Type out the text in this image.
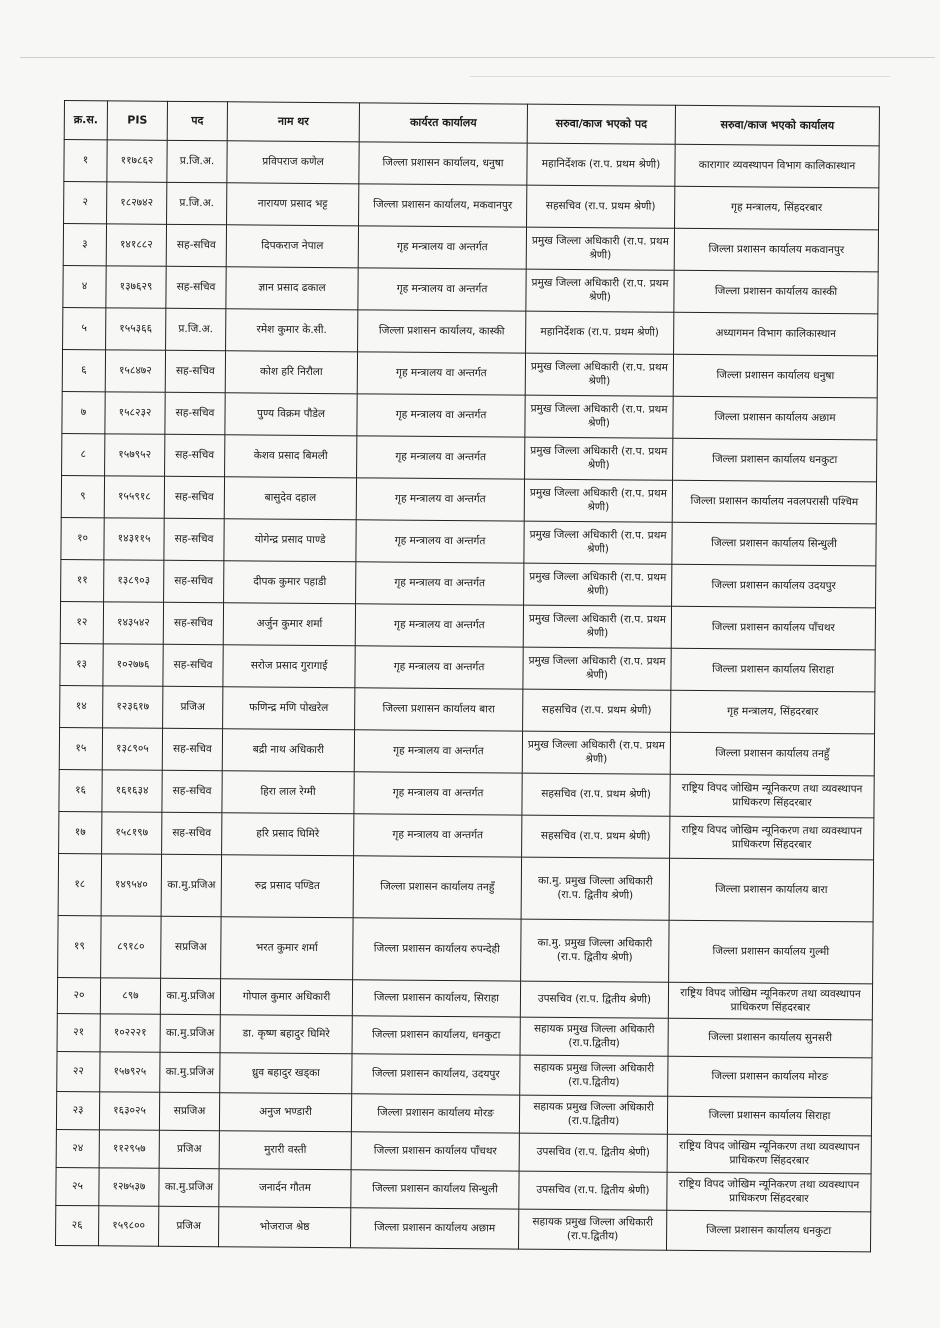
क्र.स.	PIS	पद	नाम थर	कार्यरत कार्यालय	सरुवा/काज भएको पद	सरुवा/काज भएको कार्यालय
१	११७८६२	प्र.जि.अ.	प्रविपराज कणेल	जिल्ला प्रशासन कार्यालय, धनुषा	महानिर्देशक (रा.प. प्रथम श्रेणी)	कारागार व्यवस्थापन विभाग कालिकास्थान
२	१८२७४२	प्र.जि.अ.	नारायण प्रसाद भट्ट	जिल्ला प्रशासन कार्यालय, मकवानपुर	सहसचिव (रा.प. प्रथम श्रेणी)	गृह मन्त्रालय, सिंहदरबार
३	१४१८८२	सह-सचिव	दिपकराज नेपाल	गृह मन्त्रालय वा अन्तर्गत	प्रमुख जिल्ला अधिकारी (रा.प. प्रथम श्रेणी)	जिल्ला प्रशासन कार्यालय मकवानपुर
४	१३७६२९	सह-सचिव	ज्ञान प्रसाद ढकाल	गृह मन्त्रालय वा अन्तर्गत	प्रमुख जिल्ला अधिकारी (रा.प. प्रथम श्रेणी)	जिल्ला प्रशासन कार्यालय कास्की
५	१५५३६६	प्र.जि.अ.	रमेश कुमार के.सी.	जिल्ला प्रशासन कार्यालय, कास्की	महानिर्देशक (रा.प. प्रथम श्रेणी)	अध्यागमन विभाग कालिकास्थान
६	१५८४७२	सह-सचिव	कोश हरि निरौला	गृह मन्त्रालय वा अन्तर्गत	प्रमुख जिल्ला अधिकारी (रा.प. प्रथम श्रेणी)	जिल्ला प्रशासन कार्यालय धनुषा
७	१५८२३२	सह-सचिव	पुण्य विक्रम पौडेल	गृह मन्त्रालय वा अन्तर्गत	प्रमुख जिल्ला अधिकारी (रा.प. प्रथम श्रेणी)	जिल्ला प्रशासन कार्यालय अछाम
८	१५७९५२	सह-सचिव	केशव प्रसाद बिमली	गृह मन्त्रालय वा अन्तर्गत	प्रमुख जिल्ला अधिकारी (रा.प. प्रथम श्रेणी)	जिल्ला प्रशासन कार्यालय धनकुटा
९	१५५९१८	सह-सचिव	बासुदेव दहाल	गृह मन्त्रालय वा अन्तर्गत	प्रमुख जिल्ला अधिकारी (रा.प. प्रथम श्रेणी)	जिल्ला प्रशासन कार्यालय नवलपरासी पश्चिम
१०	१४३११५	सह-सचिव	योगेन्द्र प्रसाद पाण्डे	गृह मन्त्रालय वा अन्तर्गत	प्रमुख जिल्ला अधिकारी (रा.प. प्रथम श्रेणी)	जिल्ला प्रशासन कार्यालय सिन्धुली
११	१३८९०३	सह-सचिव	दीपक कुमार पहाडी	गृह मन्त्रालय वा अन्तर्गत	प्रमुख जिल्ला अधिकारी (रा.प. प्रथम श्रेणी)	जिल्ला प्रशासन कार्यालय उदयपुर
१२	१४३५४२	सह-सचिव	अर्जुन कुमार शर्मा	गृह मन्त्रालय वा अन्तर्गत	प्रमुख जिल्ला अधिकारी (रा.प. प्रथम श्रेणी)	जिल्ला प्रशासन कार्यालय पाँचथर
१३	१०२७७६	सह-सचिव	सरोज प्रसाद गुरागाई	गृह मन्त्रालय वा अन्तर्गत	प्रमुख जिल्ला अधिकारी (रा.प. प्रथम श्रेणी)	जिल्ला प्रशासन कार्यालय सिराहा
१४	१२३६१७	प्रजिअ	फणिन्द्र मणि पोखरेल	जिल्ला प्रशासन कार्यालय बारा	सहसचिव (रा.प. प्रथम श्रेणी)	गृह मन्त्रालय, सिंहदरबार
१५	१३८९०५	सह-सचिव	बद्री नाथ अधिकारी	गृह मन्त्रालय वा अन्तर्गत	प्रमुख जिल्ला अधिकारी (रा.प. प्रथम श्रेणी)	जिल्ला प्रशासन कार्यालय तनहुँ
१६	१६१६३४	सह-सचिव	हिरा लाल रेग्मी	गृह मन्त्रालय वा अन्तर्गत	सहसचिव (रा.प. प्रथम श्रेणी)	राष्ट्रिय विपद जोखिम न्यूनिकरण तथा व्यवस्थापन प्राधिकरण सिंहदरबार
१७	१५८१९७	सह-सचिव	हरि प्रसाद घिमिरे	गृह मन्त्रालय वा अन्तर्गत	सहसचिव (रा.प. प्रथम श्रेणी)	राष्ट्रिय विपद जोखिम न्यूनिकरण तथा व्यवस्थापन प्राधिकरण सिंहदरबार
१८	१४९५४०	का.मु.प्रजिअ	रुद्र प्रसाद पण्डित	जिल्ला प्रशासन कार्यालय तनहुँ	का.मु. प्रमुख जिल्ला अधिकारी (रा.प. द्वितीय श्रेणी)	जिल्ला प्रशासन कार्यालय बारा
१९	८९१८०	सप्रजिअ	भरत कुमार शर्मा	जिल्ला प्रशासन कार्यालय रुपन्देही	का.मु. प्रमुख जिल्ला अधिकारी (रा.प. द्वितीय श्रेणी)	जिल्ला प्रशासन कार्यालय गुल्मी
२०	८९७	का.मु.प्रजिअ	गोपाल कुमार अधिकारी	जिल्ला प्रशासन कार्यालय, सिराहा	उपसचिव (रा.प. द्वितीय श्रेणी)	राष्ट्रिय विपद जोखिम न्यूनिकरण तथा व्यवस्थापन प्राधिकरण सिंहदरबार
२१	१०२२२१	का.मु.प्रजिअ	डा. कृष्ण बहादुर घिमिरे	जिल्ला प्रशासन कार्यालय, धनकुटा	सहायक प्रमुख जिल्ला अधिकारी (रा.प.द्वितीय)	जिल्ला प्रशासन कार्यालय सुनसरी
२२	१५७९२५	का.मु.प्रजिअ	ध्रुव बहादुर खड्का	जिल्ला प्रशासन कार्यालय, उदयपुर	सहायक प्रमुख जिल्ला अधिकारी (रा.प.द्वितीय)	जिल्ला प्रशासन कार्यालय मोरङ
२३	१६३०२५	सप्रजिअ	अनुज भण्डारी	जिल्ला प्रशासन कार्यालय मोरङ	सहायक प्रमुख जिल्ला अधिकारी (रा.प.द्वितीय)	जिल्ला प्रशासन कार्यालय सिराहा
२४	११२९५७	प्रजिअ	मुरारी वस्ती	जिल्ला प्रशासन कार्यालय पाँचथर	उपसचिव (रा.प. द्वितीय श्रेणी)	राष्ट्रिय विपद जोखिम न्यूनिकरण तथा व्यवस्थापन प्राधिकरण सिंहदरबार
२५	१२७५३७	का.मु.प्रजिअ	जनार्दन गौतम	जिल्ला प्रशासन कार्यालय सिन्धुली	उपसचिव (रा.प. द्वितीय श्रेणी)	राष्ट्रिय विपद जोखिम न्यूनिकरण तथा व्यवस्थापन प्राधिकरण सिंहदरबार
२६	१५९८००	प्रजिअ	भोजराज श्रेष्ठ	जिल्ला प्रशासन कार्यालय अछाम	सहायक प्रमुख जिल्ला अधिकारी (रा.प.द्वितीय)	जिल्ला प्रशासन कार्यालय धनकुटा
